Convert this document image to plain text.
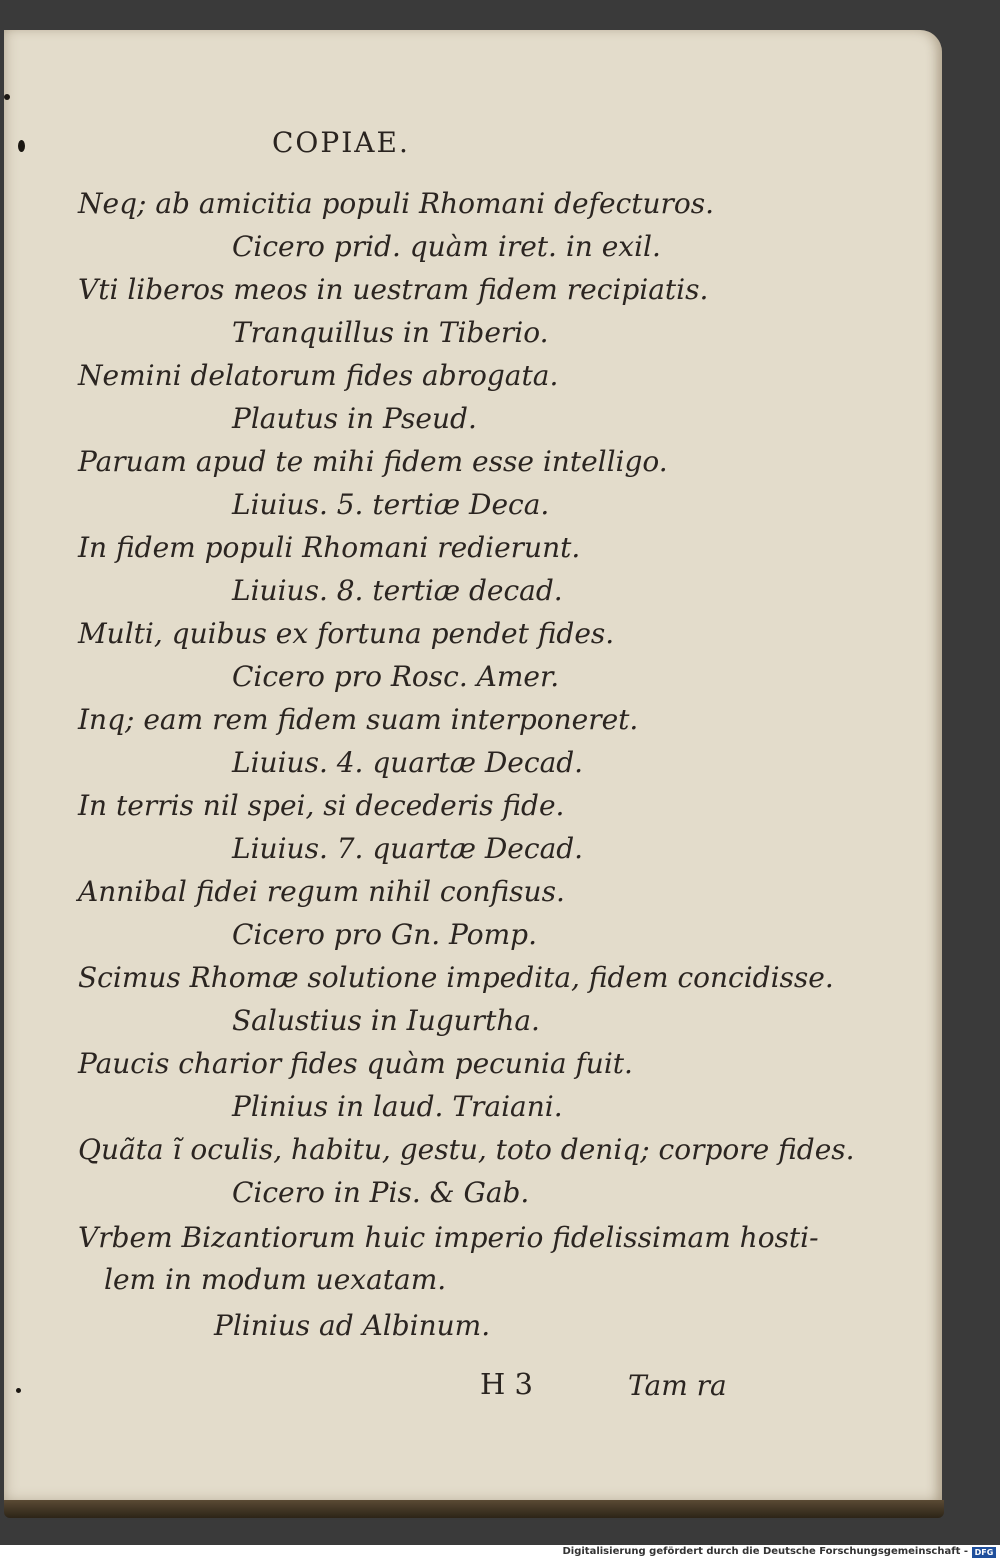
COPIAE.
Neq; ab amicitia populi Rhomani defecturos.
Cicero prid. quàm iret. in exil.
Vti liberos meos in uestram fidem recipiatis.
Tranquillus in Tiberio.
Nemini delatorum fides abrogata.
Plautus in Pseud.
Paruam apud te mihi fidem esse intelligo.
Liuius. 5. tertiæ Deca.
In fidem populi Rhomani redierunt.
Liuius. 8. tertiæ decad.
Multi, quibus ex fortuna pendet fides.
Cicero pro Rosc. Amer.
Inq; eam rem fidem suam interponeret.
Liuius. 4. quartæ Decad.
In terris nil spei, si decederis fide.
Liuius. 7. quartæ Decad.
Annibal fidei regum nihil confisus.
Cicero pro Gn. Pomp.
Scimus Rhomæ solutione impedita, fidem concidisse.
Salustius in Iugurtha.
Paucis charior fides quàm pecunia fuit.
Plinius in laud. Traiani.
Quãta ĩ oculis, habitu, gestu, toto deniq; corpore fides.
Cicero in Pis. & Gab.
Vrbem Bizantiorum huic imperio fidelissimam hosti-
lem in modum uexatam.
Plinius ad Albinum.
H 3	Tam ra
Digitalisierung gefördert durch die Deutsche Forschungsgemeinschaft - DFG
